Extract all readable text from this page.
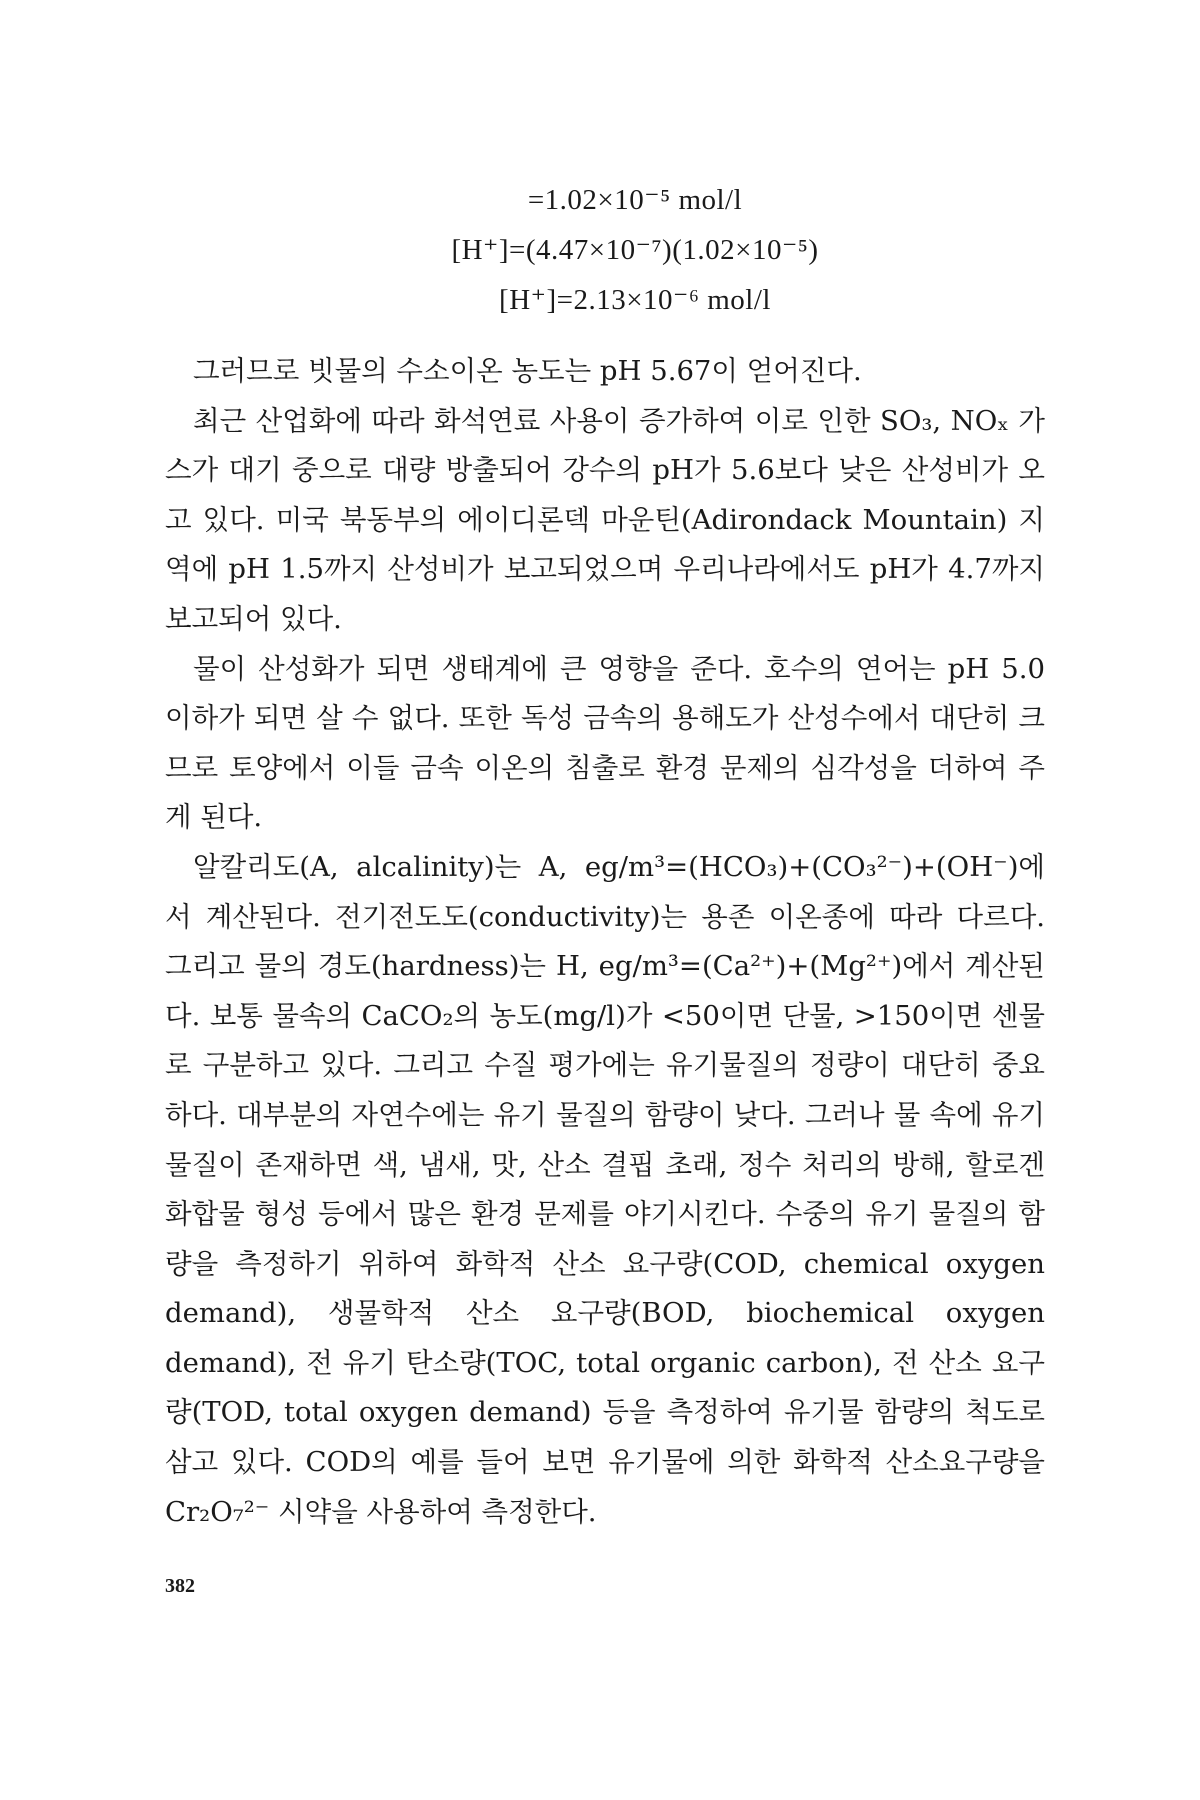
=1.02×10⁻⁵ mol/l
[H⁺]=(4.47×10⁻⁷)(1.02×10⁻⁵)
[H⁺]=2.13×10⁻⁶ mol/l

그러므로 빗물의 수소이온 농도는 pH 5.67이 얻어진다.

최근 산업화에 따라 화석연료 사용이 증가하여 이로 인한 SO₃, NOₓ 가스가 대기 중으로 대량 방출되어 강수의 pH가 5.6보다 낮은 산성비가 오고 있다. 미국 북동부의 에이디론덱 마운틴(Adirondack Mountain) 지역에 pH 1.5까지 산성비가 보고되었으며 우리나라에서도 pH가 4.7까지 보고되어 있다.

물이 산성화가 되면 생태계에 큰 영향을 준다. 호수의 연어는 pH 5.0 이하가 되면 살 수 없다. 또한 독성 금속의 용해도가 산성수에서 대단히 크므로 토양에서 이들 금속 이온의 침출로 환경 문제의 심각성을 더하여 주게 된다.

알칼리도(A, alcalinity)는 A, eg/m³=(HCO₃)+(CO₃²⁻)+(OH⁻)에서 계산된다. 전기전도도(conductivity)는 용존 이온종에 따라 다르다. 그리고 물의 경도(hardness)는 H, eg/m³=(Ca²⁺)+(Mg²⁺)에서 계산된다. 보통 물속의 CaCO₂의 농도(mg/l)가 <50이면 단물, >150이면 센물로 구분하고 있다. 그리고 수질 평가에는 유기물질의 정량이 대단히 중요하다. 대부분의 자연수에는 유기 물질의 함량이 낮다. 그러나 물 속에 유기 물질이 존재하면 색, 냄새, 맛, 산소 결핍 초래, 정수 처리의 방해, 할로겐 화합물 형성 등에서 많은 환경 문제를 야기시킨다. 수중의 유기 물질의 함량을 측정하기 위하여 화학적 산소 요구량(COD, chemical oxygen demand), 생물학적 산소 요구량(BOD, biochemical oxygen demand), 전 유기 탄소량(TOC, total organic carbon), 전 산소 요구량(TOD, total oxygen demand) 등을 측정하여 유기물 함량의 척도로 삼고 있다. COD의 예를 들어 보면 유기물에 의한 화학적 산소요구량을 Cr₂O₇²⁻ 시약을 사용하여 측정한다.

382
